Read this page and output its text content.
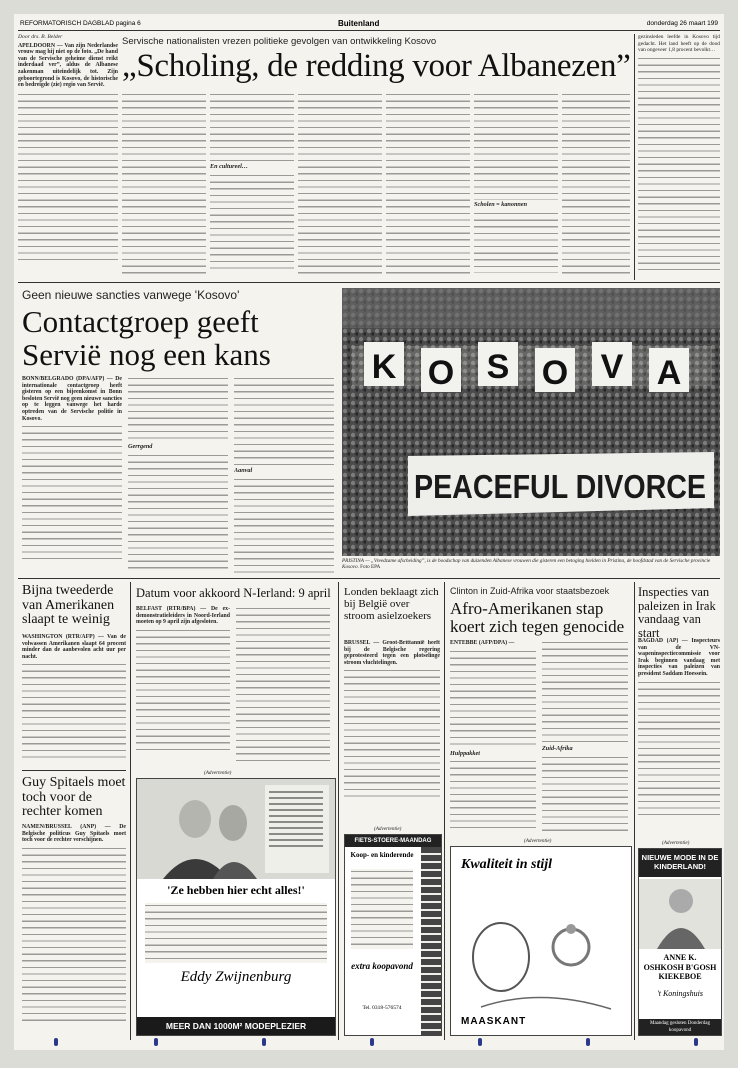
REFORMATORISCH DAGBLAD pagina 6	Buitenland	donderdag 26 maart 199
Door drs. B. Belder
APELDOORN — Van zijn Nederlandse vrouw mag hij niet op de foto. „De hand van de Servische geheime dienst reikt inderdaad ver”, aldus de Albanese zakenman uiteindelijk tot. Zijn geboortegrond is Kosovo, de historische en bedreigde (zie) regio van Servië.
Servische nationalisten vrezen politieke gevolgen van ontwikkeling Kosovo
„Scholing, de redding voor Albanezen”
En cultureel…
Scholen = kanonnen
gezinsleden leefde in Kosovo tijd gedacht. Het land heeft op de dood van ongeveer 1,8 procent bevolkt…
Geen nieuwe sancties vanwege 'Kosovo'
Contactgroep geeft
Servië nog een kans
BONN/BELGRADO (DPA/AFP) — De internationale contactgroep heeft gisteren op een bijeenkomst in Bonn besloten Servië nog geen nieuwe sancties op te leggen vanwege het harde optreden van de Servische politie in Kosovo.
Gerrgend
Aanval
K O S O V A
PEACEFUL DIVORCE
PRISTINA — „Vreedzame afscheiding”, is de boodschap van duizenden Albanese vrouwen die gisteren een betoging hielden in Pristina, de hoofdstad van de Servische provincie Kosovo. Foto EPA
Bijna tweederde van Amerikanen slaapt te weinig
WASHINGTON (RTR/AFP) — Van de volwassen Amerikanen slaapt 64 procent minder dan de aanbevolen acht uur per nacht.
Guy Spitaels moet toch voor de rechter komen
NAMEN/BRUSSEL (ANP) — De Belgische politicus Guy Spitaels moet toch voor de rechter verschijnen.
Datum voor akkoord N-Ierland: 9 april
BELFAST (RTR/BPA) — De ex-demonstratieleiders in Noord-Ierland moeten op 9 april zijn afgesloten.
(Advertentie)
'Ze hebben hier echt alles!'
Eddy Zwijnenburg
MEER DAN 1000M² MODEPLEZIER
Londen beklaagt zich bij België over stroom asielzoekers
BRUSSEL — Groot-Brittannië heeft bij de Belgische regering geprotesteerd tegen een plotselinge stroom vluchtelingen.
(Advertentie)
FIETS-STOERE-MAANDAG
Koop- en kinderende
extra koopavond
Tel. 0318-576574
Clinton in Zuid-Afrika voor staatsbezoek
Afro-Amerikanen stap koert zich tegen genocide
ENTEBBE (AFP/DPA) —
Hulppakket
Zuid-Afrika
(Advertentie)
Kwaliteit in stijl
MAASKANT
Inspecties van paleizen in Irak vandaag van start
BAGDAD (AP) — Inspecteurs van de VN-wapeninspectiecommissie voor Irak beginnen vandaag met inspecties van paleizen van president Saddam Hoessein.
(Advertentie)
NIEUWE MODE IN DE KINDERLAND!
ANNE K. OSHKOSH B'GOSH KIEKEBOE
't Koningshuis
Maandag gesloten Donderdag koopavond
